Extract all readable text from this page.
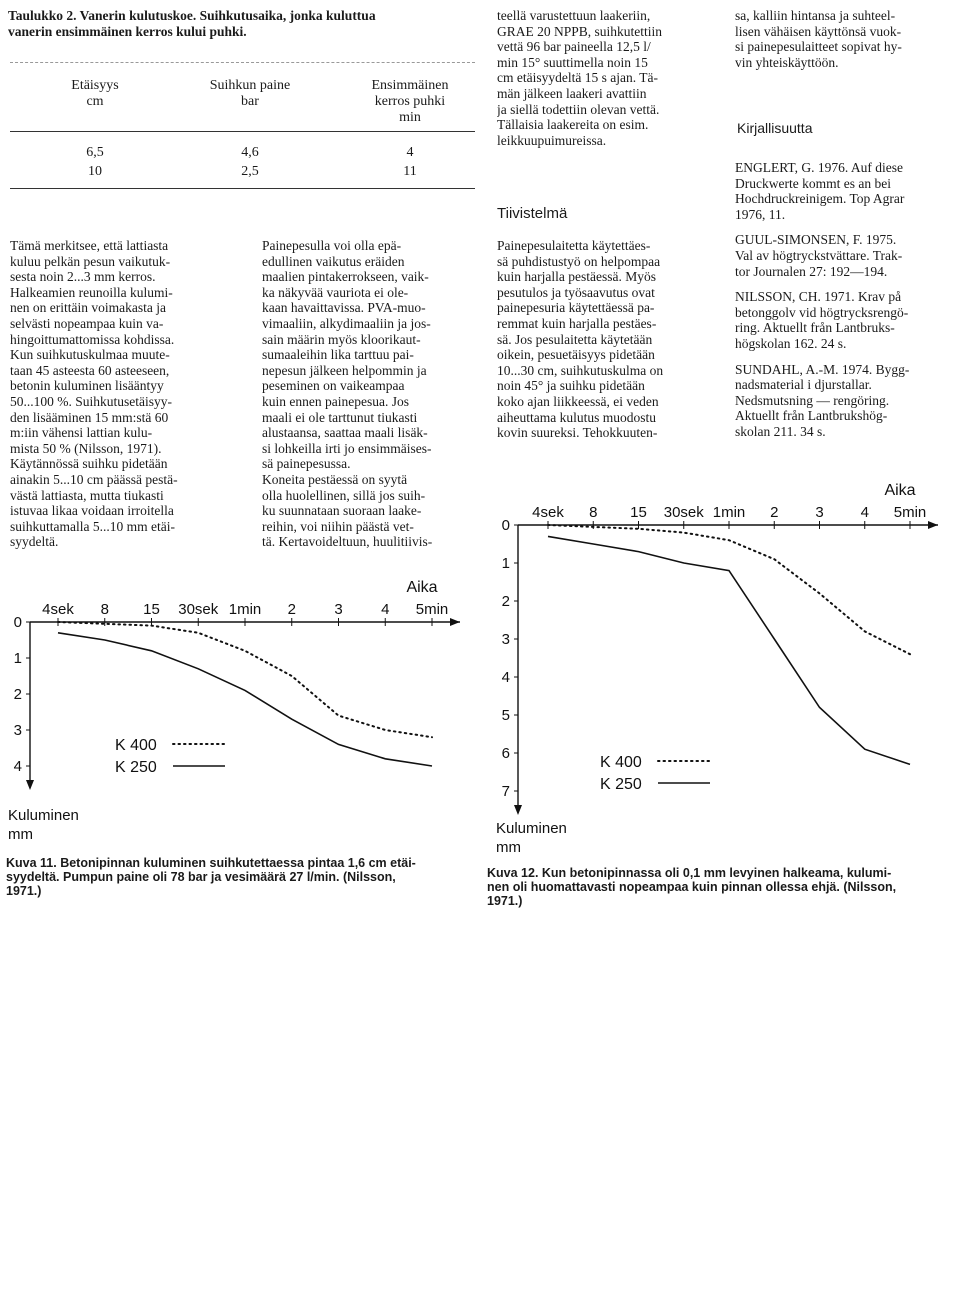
Taulukko 2. Vanerin kulutuskoe. Suihkutusaika, jonka kuluttua
vanerin ensimmäinen kerros kului puhki.
Etäisyys
cm
Suihkun paine
bar
Ensimmäinen
kerros puhki
min
6,5	4,6	4
10	2,5	11
Tämä merkitsee, että lattiasta
kuluu pelkän pesun vaikutuk-
sesta noin 2...3 mm kerros.
Halkeamien reunoilla kulumi-
nen on erittäin voimakasta ja
selvästi nopeampaa kuin va-
hingoittumattomissa kohdissa.
Kun suihkutuskulmaa muute-
taan 45 asteesta 60 asteeseen,
betonin kuluminen lisääntyy
50...100 %. Suihkutusetäisyy-
den lisääminen 15 mm:stä 60
m:iin vähensi lattian kulu-
mista 50 % (Nilsson, 1971).
Käytännössä suihku pidetään
ainakin 5...10 cm päässä pestä-
västä lattiasta, mutta tiukasti
istuvaa likaa voidaan irroitella
suihkuttamalla 5...10 mm etäi-
syydeltä.
Painepesulla voi olla epä-
edullinen vaikutus eräiden
maalien pintakerrokseen, vaik-
ka näkyvää vauriota ei ole-
kaan havaittavissa. PVA-muo-
vimaaliin, alkydimaaliin ja jos-
sain määrin myös kloorikaut-
sumaaleihin lika tarttuu pai-
nepesun jälkeen helpommin ja
peseminen on vaikeampaa
kuin ennen painepesua. Jos
maali ei ole tarttunut tiukasti
alustaansa, saattaa maali lisäk-
si lohkeilla irti jo ensimmäises-
sä painepesussa.
Koneita pestäessä on syytä
olla huolellinen, sillä jos suih-
ku suunnataan suoraan laake-
reihin, voi niihin päästä vet-
tä. Kertavoideltuun, huulitiivis-
teellä varustettuun laakeriin,
GRAE 20 NPPB, suihkutettiin
vettä 96 bar paineella 12,5 l/
min 15° suuttimella noin 15
cm etäisyydeltä 15 s ajan. Tä-
män jälkeen laakeri avattiin
ja siellä todettiin olevan vettä.
Tällaisia laakereita on esim.
leikkuupuimureissa.
Tiivistelmä
Painepesulaitetta käytettäes-
sä puhdistustyö on helpompaa
kuin harjalla pestäessä. Myös
pesutulos ja työsaavutus ovat
painepesuria käytettäessä pa-
remmat kuin harjalla pestäes-
sä. Jos pesulaitetta käytetään
oikein, pesuetäisyys pidetään
10...30 cm, suihkutuskulma on
noin 45° ja suihku pidetään
koko ajan liikkeessä, ei veden
aiheuttama kulutus muodostu
kovin suureksi. Tehokkuuten-
sa, kalliin hintansa ja suhteel-
lisen vähäisen käyttönsä vuok-
si painepesulaitteet sopivat hy-
vin yhteiskäyttöön.
Kirjallisuutta
ENGLERT, G. 1976. Auf diese
Druckwerte kommt es an bei
Hochdruckreinigem. Top Agrar
1976, 11.
GUUL-SIMONSEN, F. 1975.
Val av högtryckstvättare. Trak-
tor Journalen 27: 192—194.
NILSSON, CH. 1971. Krav på
betonggolv vid högtrycksrengö-
ring. Aktuellt från Lantbruks-
högskolan 162. 24 s.
SUNDAHL, A.-M. 1974. Bygg-
nadsmaterial i djurstallar.
Nedsmutsning — rengöring.
Aktuellt från Lantbrukshög-
skolan 211. 34 s.
4sek 8 15 30sek 1min 2	3	4 5min
0
1
2
3
4
Aika
Kuluminen mm
K 400
K 250
4sek 8 15 30sek 1min 2 3 4 5min
0
1
2
3
4
5
6
7
Aika
Kuluminen mm
K 400
K 250
Kuva 11. Betonipinnan kuluminen suihkutettaessa pintaa 1,6 cm etäi-
syydeltä. Pumpun paine oli 78 bar ja vesimäärä 27 l/min. (Nilsson,
1971.)
Kuva 12. Kun betonipinnassa oli 0,1 mm levyinen halkeama, kulumi-
nen oli huomattavasti nopeampaa kuin pinnan ollessa ehjä. (Nilsson,
1971.)
